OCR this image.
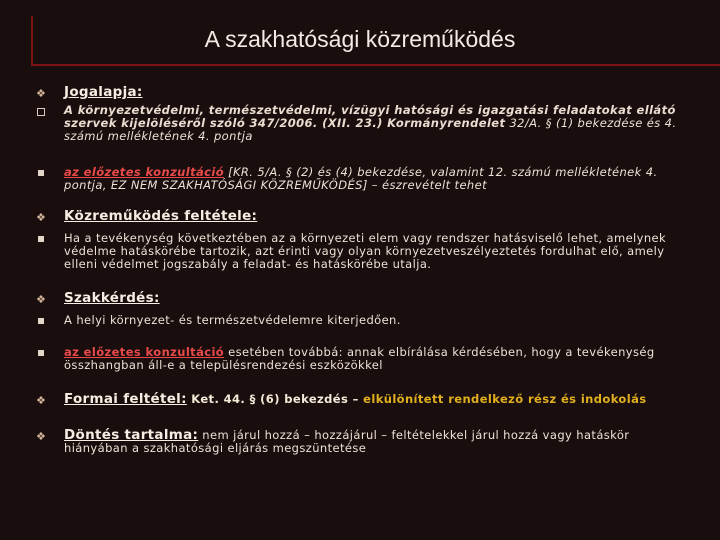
A szakhatósági közreműködés
❖	Jogalapja:
A környezetvédelmi, természetvédelmi, vízügyi hatósági és igazgatási feladatokat ellátó szervek kijelöléséről szóló 347/2006. (XII. 23.) Kormányrendelet 32/A. § (1) bekezdése és 4. számú mellékletének 4. pontja
az előzetes konzultáció [KR. 5/A. § (2) és (4) bekezdése, valamint 12. számú mellékletének 4. pontja, EZ NEM SZAKHATÓSÁGI KÖZREMŰKÖDÉS] – észrevételt tehet
❖	Közreműködés feltétele:
Ha a tevékenység következtében az a környezeti elem vagy rendszer hatásviselő lehet, amelynek védelme hatáskörébe tartozik, azt érinti vagy olyan környezetveszélyeztetés fordulhat elő, amely elleni védelmet jogszabály a feladat- és hatáskörébe utalja.
❖	Szakkérdés:
A helyi környezet- és természetvédelemre kiterjedően.
az előzetes konzultáció esetében továbbá: annak elbírálása kérdésében, hogy a tevékenység összhangban áll-e a településrendezési eszközökkel
❖	Formai feltétel: Ket. 44. § (6) bekezdés – elkülönített rendelkező rész és indokolás
❖	Döntés tartalma: nem járul hozzá – hozzájárul – feltételekkel járul hozzá vagy hatáskör hiányában a szakhatósági eljárás megszüntetése
